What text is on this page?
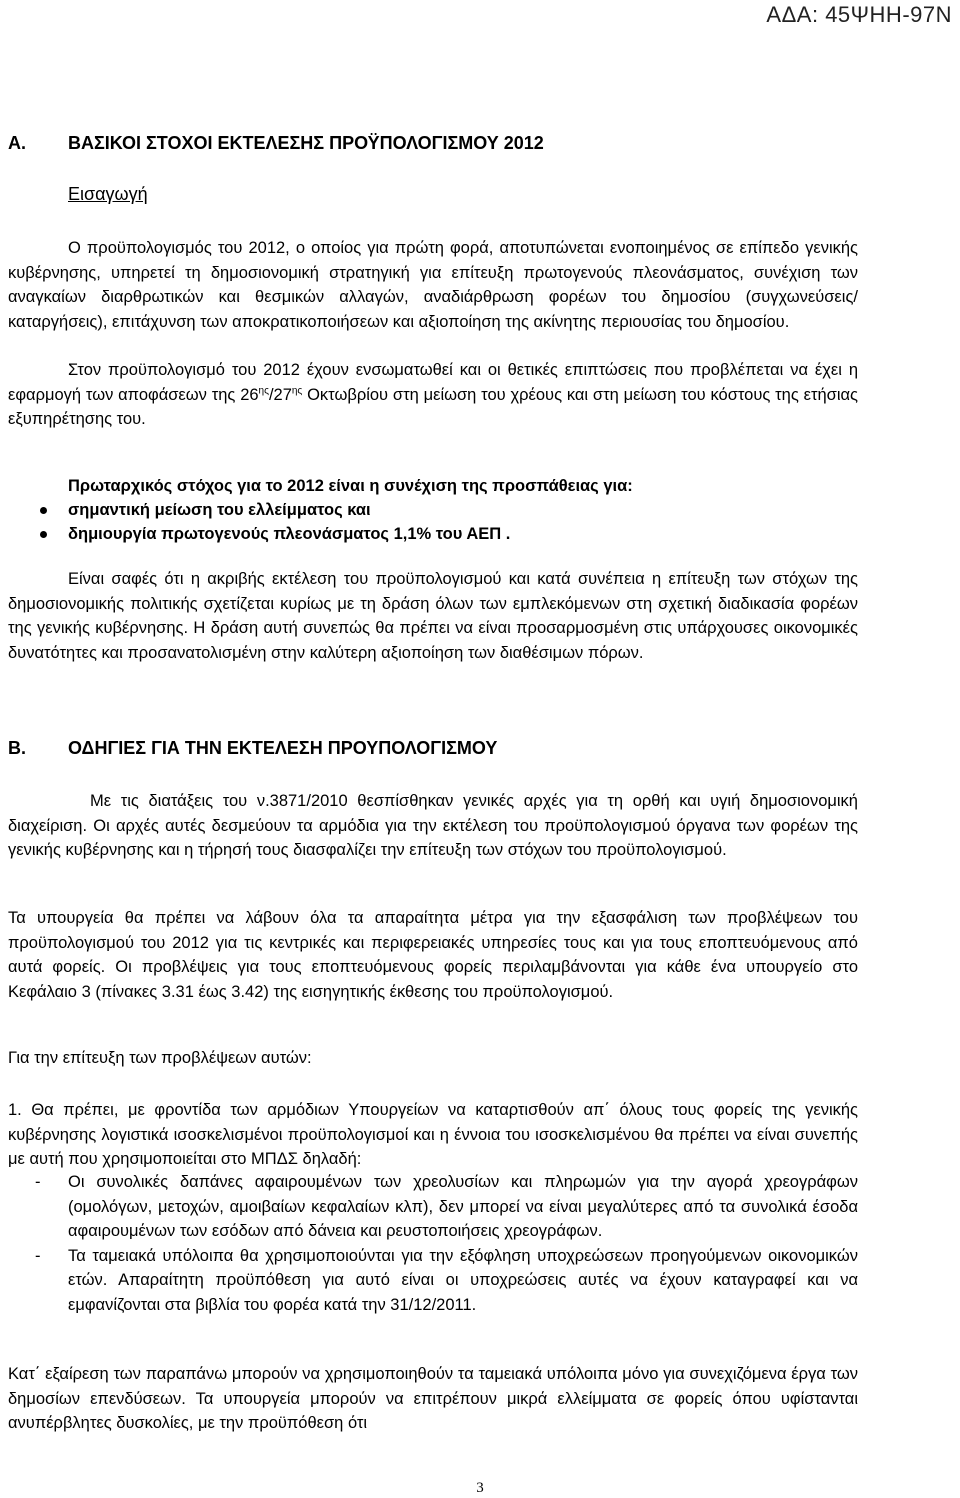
ΑΔΑ: 45ΨΗΗ-97Ν
Α. ΒΑΣΙΚΟΙ ΣΤΟΧΟΙ ΕΚΤΕΛΕΣΗΣ ΠΡΟΫΠΟΛΟΓΙΣΜΟΥ 2012
Εισαγωγή
Ο προϋπολογισμός του 2012, ο οποίος για πρώτη φορά, αποτυπώνεται ενοποιημένος σε επίπεδο γενικής κυβέρνησης, υπηρετεί τη δημοσιονομική στρατηγική για επίτευξη πρωτογενούς πλεονάσματος, συνέχιση των αναγκαίων διαρθρωτικών και θεσμικών αλλαγών, αναδιάρθρωση φορέων του δημοσίου (συγχωνεύσεις/καταργήσεις), επιτάχυνση των αποκρατικοποιήσεων και αξιοποίηση της ακίνητης περιουσίας του δημοσίου.
Στον προϋπολογισμό του 2012 έχουν ενσωματωθεί και οι θετικές επιπτώσεις που προβλέπεται να έχει η εφαρμογή των αποφάσεων της $26^{\eta\varsigma}/27^{\eta\varsigma}$ Οκτωβρίου στη μείωση του χρέους και στη μείωση του κόστους της ετήσιας εξυπηρέτησης του.
Πρωταρχικός στόχος για το 2012 είναι η συνέχιση της προσπάθειας για:
σημαντική μείωση του ελλείμματος και
δημιουργία πρωτογενούς πλεονάσματος 1,1% του ΑΕΠ .
Είναι σαφές ότι η ακριβής εκτέλεση του προϋπολογισμού και κατά συνέπεια η επίτευξη των στόχων της δημοσιονομικής πολιτικής σχετίζεται κυρίως με τη δράση όλων των εμπλεκόμενων στη σχετική διαδικασία φορέων της γενικής κυβέρνησης. Η δράση αυτή συνεπώς θα πρέπει να είναι προσαρμοσμένη στις υπάρχουσες οικονομικές δυνατότητες και προσανατολισμένη στην καλύτερη αξιοποίηση των διαθέσιμων πόρων.
Β. ΟΔΗΓΙΕΣ ΓΙΑ ΤΗΝ ΕΚΤΕΛΕΣΗ ΠΡΟΥΠΟΛΟΓΙΣΜΟΥ
Με τις διατάξεις του ν.3871/2010 θεσπίσθηκαν γενικές αρχές για τη ορθή και υγιή δημοσιονομική διαχείριση. Οι αρχές αυτές δεσμεύουν τα αρμόδια για την εκτέλεση του προϋπολογισμού όργανα των φορέων της γενικής κυβέρνησης και η τήρησή τους διασφαλίζει την επίτευξη των στόχων του προϋπολογισμού.
Τα υπουργεία θα πρέπει να λάβουν όλα τα απαραίτητα μέτρα για την εξασφάλιση των προβλέψεων του προϋπολογισμού του 2012 για τις κεντρικές και περιφερειακές υπηρεσίες τους και για τους εποπτευόμενους από αυτά φορείς. Οι προβλέψεις για τους εποπτευόμενους φορείς περιλαμβάνονται για κάθε ένα υπουργείο στο Κεφάλαιο 3 (πίνακες 3.31 έως 3.42) της εισηγητικής έκθεσης του προϋπολογισμού.
Για την επίτευξη των προβλέψεων αυτών:
1. Θα πρέπει, με φροντίδα των αρμόδιων Υπουργείων να καταρτισθούν απ΄ όλους τους φορείς της γενικής κυβέρνησης λογιστικά ισοσκελισμένοι προϋπολογισμοί και η έννοια του ισοσκελισμένου θα πρέπει να είναι συνεπής με αυτή που χρησιμοποιείται στο ΜΠΔΣ δηλαδή:
- Οι συνολικές δαπάνες αφαιρουμένων των χρεολυσίων και πληρωμών για την αγορά χρεογράφων (ομολόγων, μετοχών, αμοιβαίων κεφαλαίων κλπ), δεν μπορεί να είναι μεγαλύτερες από τα συνολικά έσοδα αφαιρουμένων των εσόδων από δάνεια και ρευστοποιήσεις χρεογράφων.
- Τα ταμειακά υπόλοιπα θα χρησιμοποιούνται για την εξόφληση υποχρεώσεων προηγούμενων οικονομικών ετών. Απαραίτητη προϋπόθεση για αυτό είναι οι υποχρεώσεις αυτές να έχουν καταγραφεί και να εμφανίζονται στα βιβλία του φορέα κατά την 31/12/2011.
Κατ΄ εξαίρεση των παραπάνω μπορούν να χρησιμοποιηθούν τα ταμειακά υπόλοιπα μόνο για συνεχιζόμενα έργα των δημοσίων επενδύσεων. Τα υπουργεία μπορούν να επιτρέπουν μικρά ελλείμματα σε φορείς όπου υφίστανται ανυπέρβλητες δυσκολίες, με την προϋπόθεση ότι
3
